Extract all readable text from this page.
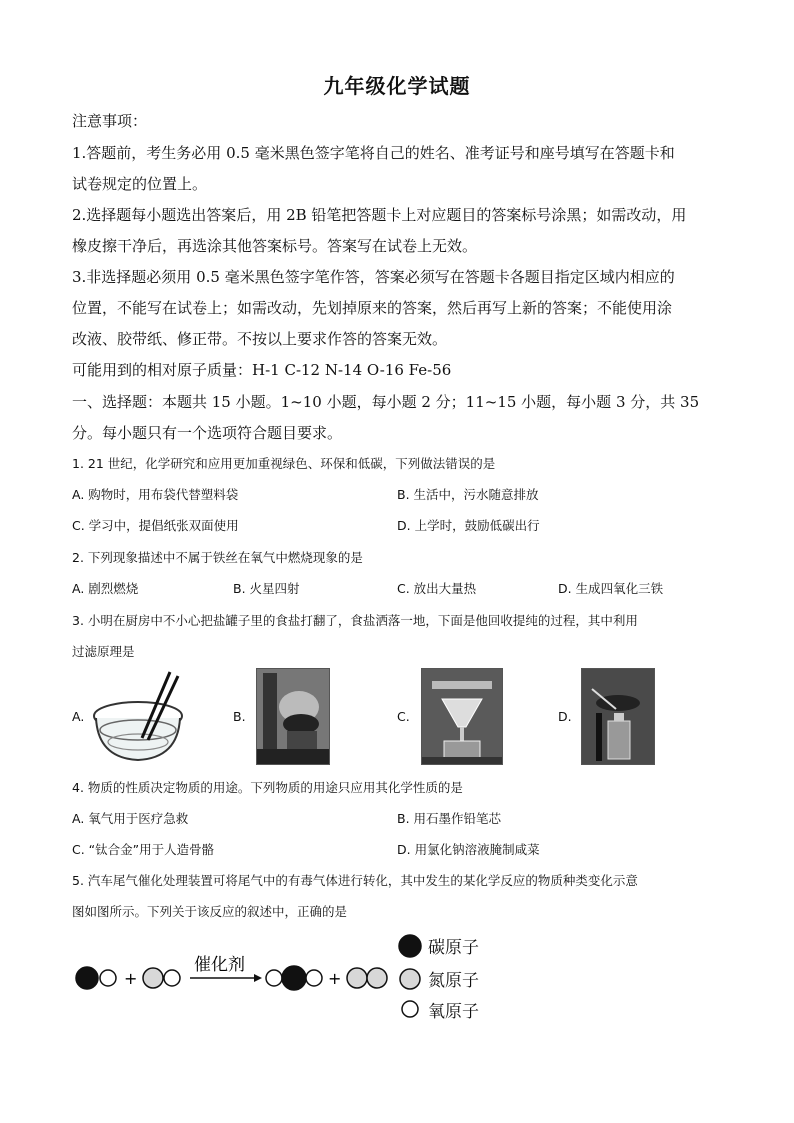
九年级化学试题
注意事项：
1.答题前，考生务必用 0.5 毫米黑色签字笔将自己的姓名、准考证号和座号填写在答题卡和
试卷规定的位置上。
2.选择题每小题选出答案后，用 2B 铅笔把答题卡上对应题目的答案标号涂黑；如需改动，用
橡皮擦干净后，再选涂其他答案标号。答案写在试卷上无效。
3.非选择题必须用 0.5 毫米黑色签字笔作答，答案必须写在答题卡各题目指定区域内相应的
位置，不能写在试卷上；如需改动，先划掉原来的答案，然后再写上新的答案；不能使用涂
改液、胶带纸、修正带。不按以上要求作答的答案无效。
可能用到的相对原子质量：H-1 C-12 N-14 O-16 Fe-56
一、选择题：本题共 15 小题。1~10 小题，每小题 2 分；11~15 小题，每小题 3 分，共 35
分。每小题只有一个选项符合题目要求。
1. 21 世纪，化学研究和应用更加重视绿色、环保和低碳，下列做法错误的是
A. 购物时，用布袋代替塑料袋	B. 生活中，污水随意排放
C. 学习中，提倡纸张双面使用	D. 上学时，鼓励低碳出行
2. 下列现象描述中不属于铁丝在氧气中燃烧现象的是
A. 剧烈燃烧	B. 火星四射	C. 放出大量热	D. 生成四氧化三铁
3. 小明在厨房中不小心把盐罐子里的食盐打翻了，食盐洒落一地，下面是他回收提纯的过程，其中利用
过滤原理是
A.	B.	C.	D.
4. 物质的性质决定物质的用途。下列物质的用途只应用其化学性质的是
A. 氧气用于医疗急救	B. 用石墨作铅笔芯
C. “钛合金”用于人造骨骼	D. 用氯化钠溶液腌制咸菜
5. 汽车尾气催化处理装置可将尾气中的有毒气体进行转化，其中发生的某化学反应的物质种类变化示意
图如图所示。下列关于该反应的叙述中，正确的是
+
催化剂
+
碳原子
氮原子
氧原子
